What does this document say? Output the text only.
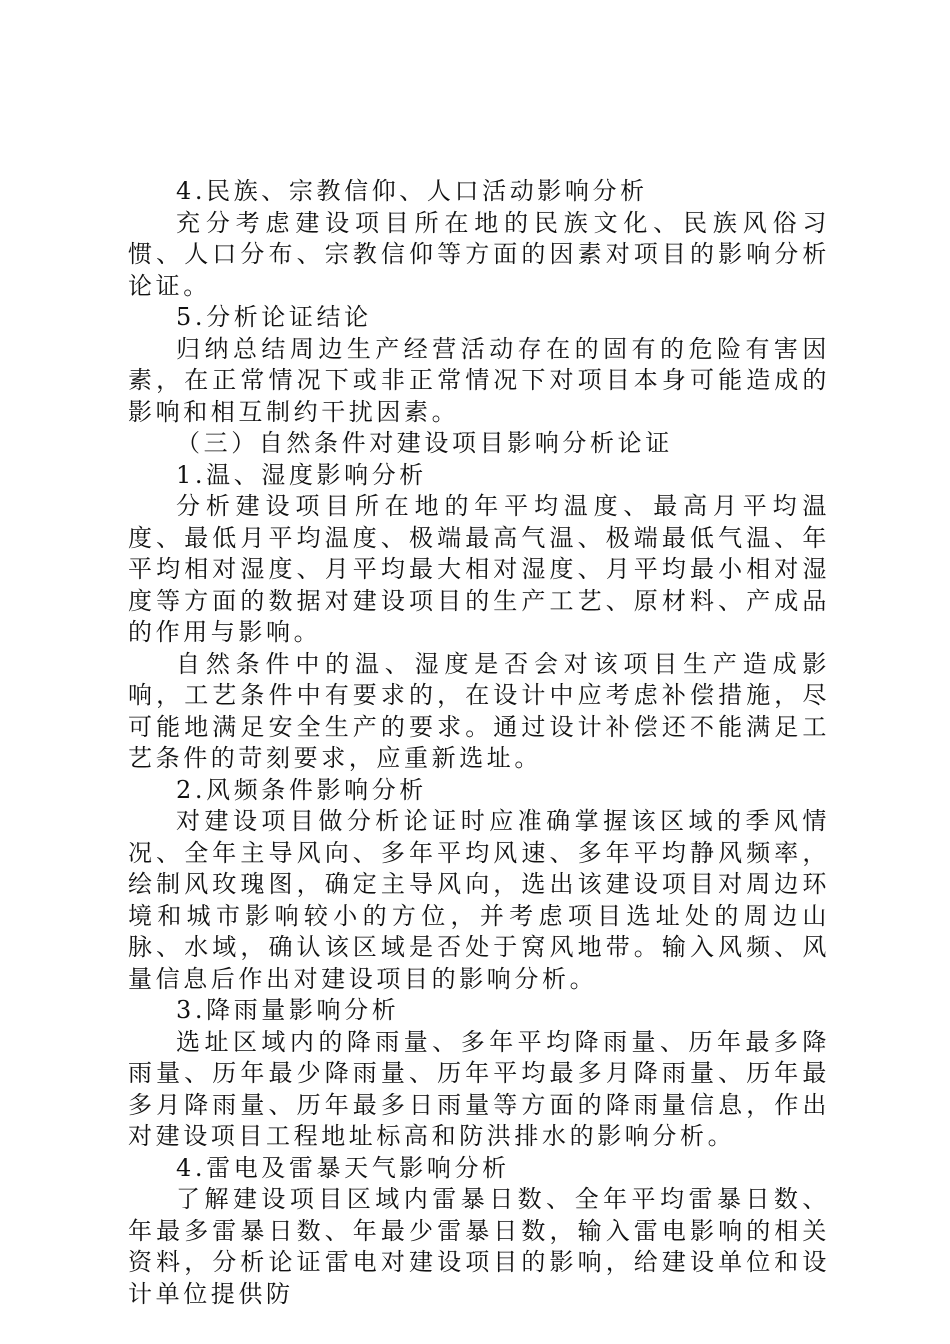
4.民族、宗教信仰、人口活动影响分析

充分考虑建设项目所在地的民族文化、民族风俗习惯、人口分布、宗教信仰等方面的因素对项目的影响分析论证。

5.分析论证结论

归纳总结周边生产经营活动存在的固有的危险有害因素，在正常情况下或非正常情况下对项目本身可能造成的影响和相互制约干扰因素。

（三）自然条件对建设项目影响分析论证

1.温、湿度影响分析

分析建设项目所在地的年平均温度、最高月平均温度、最低月平均温度、极端最高气温、极端最低气温、年平均相对湿度、月平均最大相对湿度、月平均最小相对湿度等方面的数据对建设项目的生产工艺、原材料、产成品的作用与影响。

自然条件中的温、湿度是否会对该项目生产造成影响，工艺条件中有要求的，在设计中应考虑补偿措施，尽可能地满足安全生产的要求。通过设计补偿还不能满足工艺条件的苛刻要求，应重新选址。

2.风频条件影响分析

对建设项目做分析论证时应准确掌握该区域的季风情况、全年主导风向、多年平均风速、多年平均静风频率，绘制风玫瑰图，确定主导风向，选出该建设项目对周边环境和城市影响较小的方位，并考虑项目选址处的周边山脉、水域，确认该区域是否处于窝风地带。输入风频、风量信息后作出对建设项目的影响分析。

3.降雨量影响分析

选址区域内的降雨量、多年平均降雨量、历年最多降雨量、历年最少降雨量、历年平均最多月降雨量、历年最多月降雨量、历年最多日雨量等方面的降雨量信息，作出对建设项目工程地址标高和防洪排水的影响分析。

4.雷电及雷暴天气影响分析

了解建设项目区域内雷暴日数、全年平均雷暴日数、年最多雷暴日数、年最少雷暴日数，输入雷电影响的相关资料，分析论证雷电对建设项目的影响，给建设单位和设计单位提供防
